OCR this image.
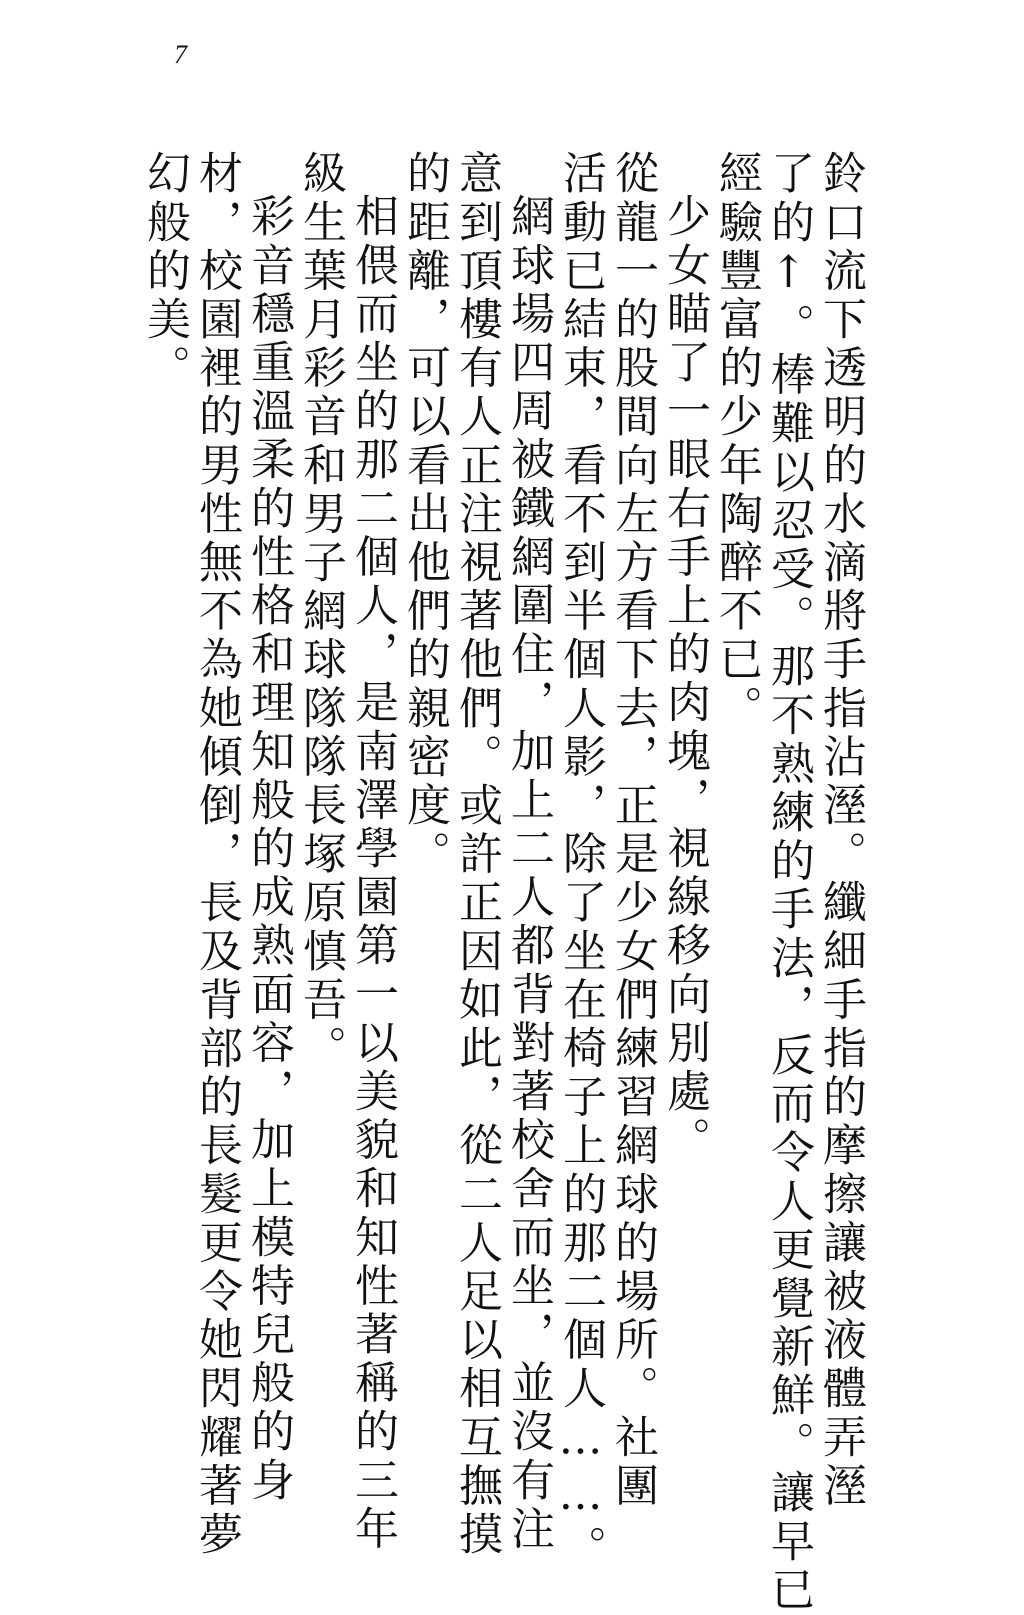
7
鈴口流下透明的水滴將手指沾溼。纖細手指的摩擦讓被液體弄溼
了的↑。棒難以忍受。那不熟練的手法，反而令人更覺新鮮。讓早已
經驗豐富的少年陶醉不已。
少女瞄了一眼右手上的肉塊，視線移向別處。
從龍一的股間向左方看下去，正是少女們練習網球的場所。社團
活動已結束，看不到半個人影，除了坐在椅子上的那二個人……。
網球場四周被鐵網圍住，加上二人都背對著校舍而坐，並沒有注
意到頂樓有人正注視著他們。或許正因如此，從二人足以相互撫摸
的距離，可以看出他們的親密度。
相偎而坐的那二個人，是南澤學園第一以美貌和知性著稱的三年
級生葉月彩音和男子網球隊隊長塚原慎吾。
彩音穩重溫柔的性格和理知般的成熟面容，加上模特兒般的身
材，校園裡的男性無不為她傾倒，長及背部的長髮更令她閃耀著夢
幻般的美。
